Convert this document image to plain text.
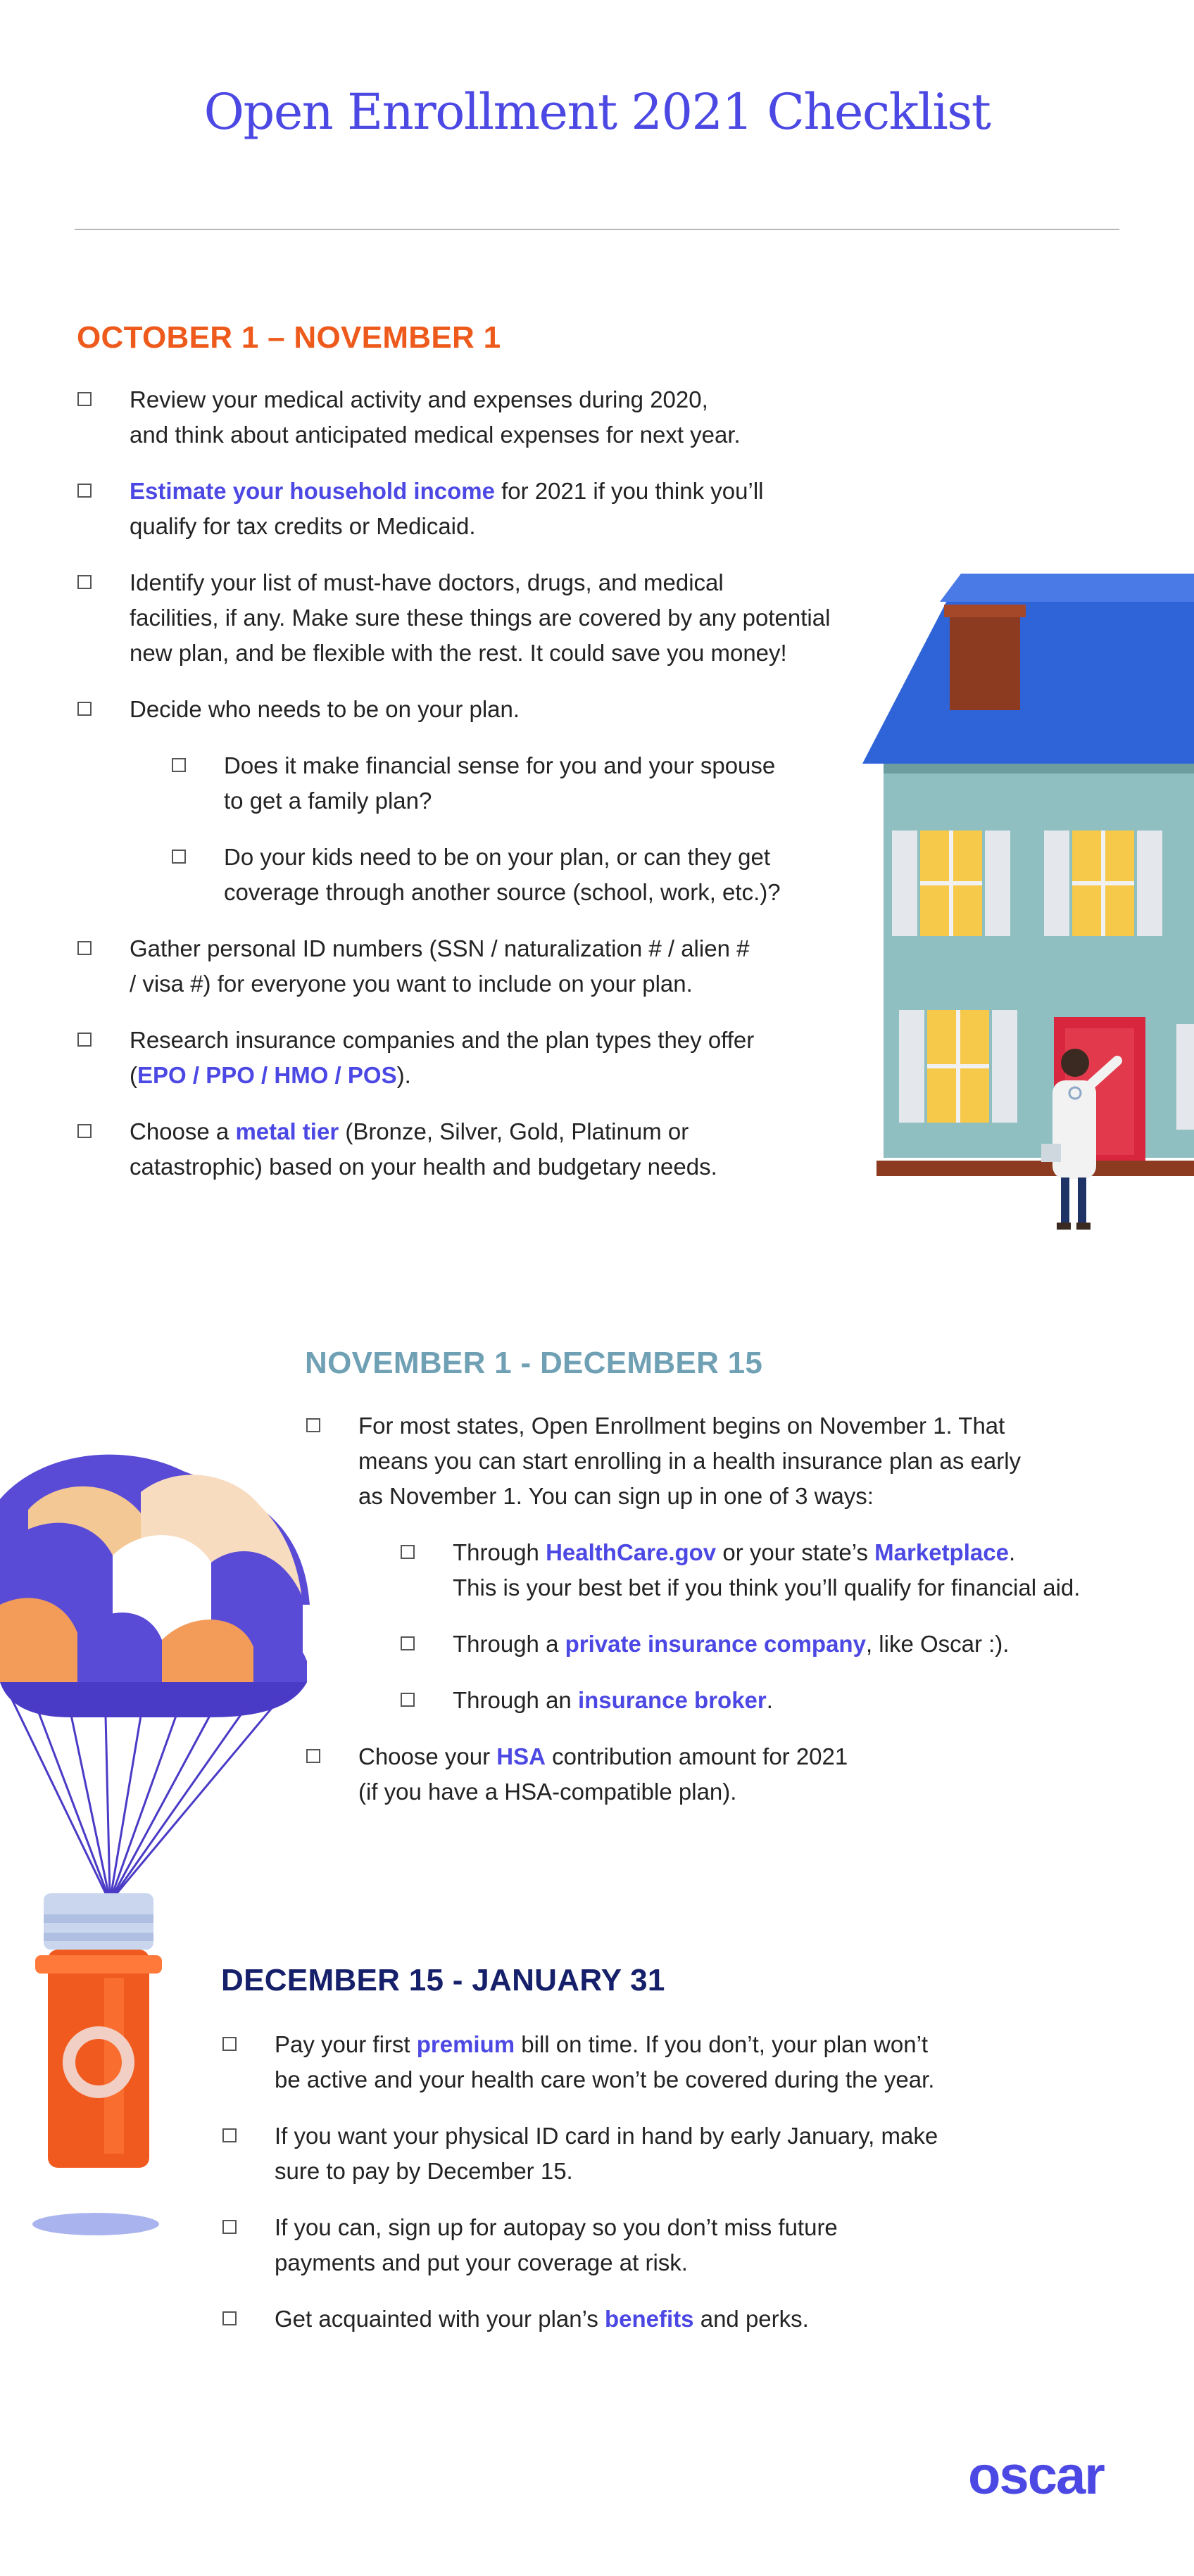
Open Enrollment 2021 Checklist
OCTOBER 1 – NOVEMBER 1
Review your medical activity and expenses during 2020,
and think about anticipated medical expenses for next year.
Estimate your household income for 2021 if you think you’ll
qualify for tax credits or Medicaid.
Identify your list of must-have doctors, drugs, and medical
facilities, if any. Make sure these things are covered by any potential
new plan, and be flexible with the rest. It could save you money!
Decide who needs to be on your plan.
Does it make financial sense for you and your spouse
to get a family plan?
Do your kids need to be on your plan, or can they get
coverage through another source (school, work, etc.)?
Gather personal ID numbers (SSN / naturalization # / alien #
/ visa #) for everyone you want to include on your plan.
Research insurance companies and the plan types they offer
(EPO / PPO / HMO / POS).
Choose a metal tier (Bronze, Silver, Gold, Platinum or
catastrophic) based on your health and budgetary needs.
NOVEMBER 1 - DECEMBER 15
For most states, Open Enrollment begins on November 1. That
means you can start enrolling in a health insurance plan as early
as November 1. You can sign up in one of 3 ways:
Through HealthCare.gov or your state’s Marketplace.
This is your best bet if you think you’ll qualify for financial aid.
Through a private insurance company, like Oscar :).
Through an insurance broker.
Choose your HSA contribution amount for 2021
(if you have a HSA-compatible plan).
DECEMBER 15 - JANUARY 31
Pay your first premium bill on time. If you don’t, your plan won’t
be active and your health care won’t be covered during the year.
If you want your physical ID card in hand by early January, make
sure to pay by December 15.
If you can, sign up for autopay so you don’t miss future
payments and put your coverage at risk.
Get acquainted with your plan’s benefits and perks.
oscar
